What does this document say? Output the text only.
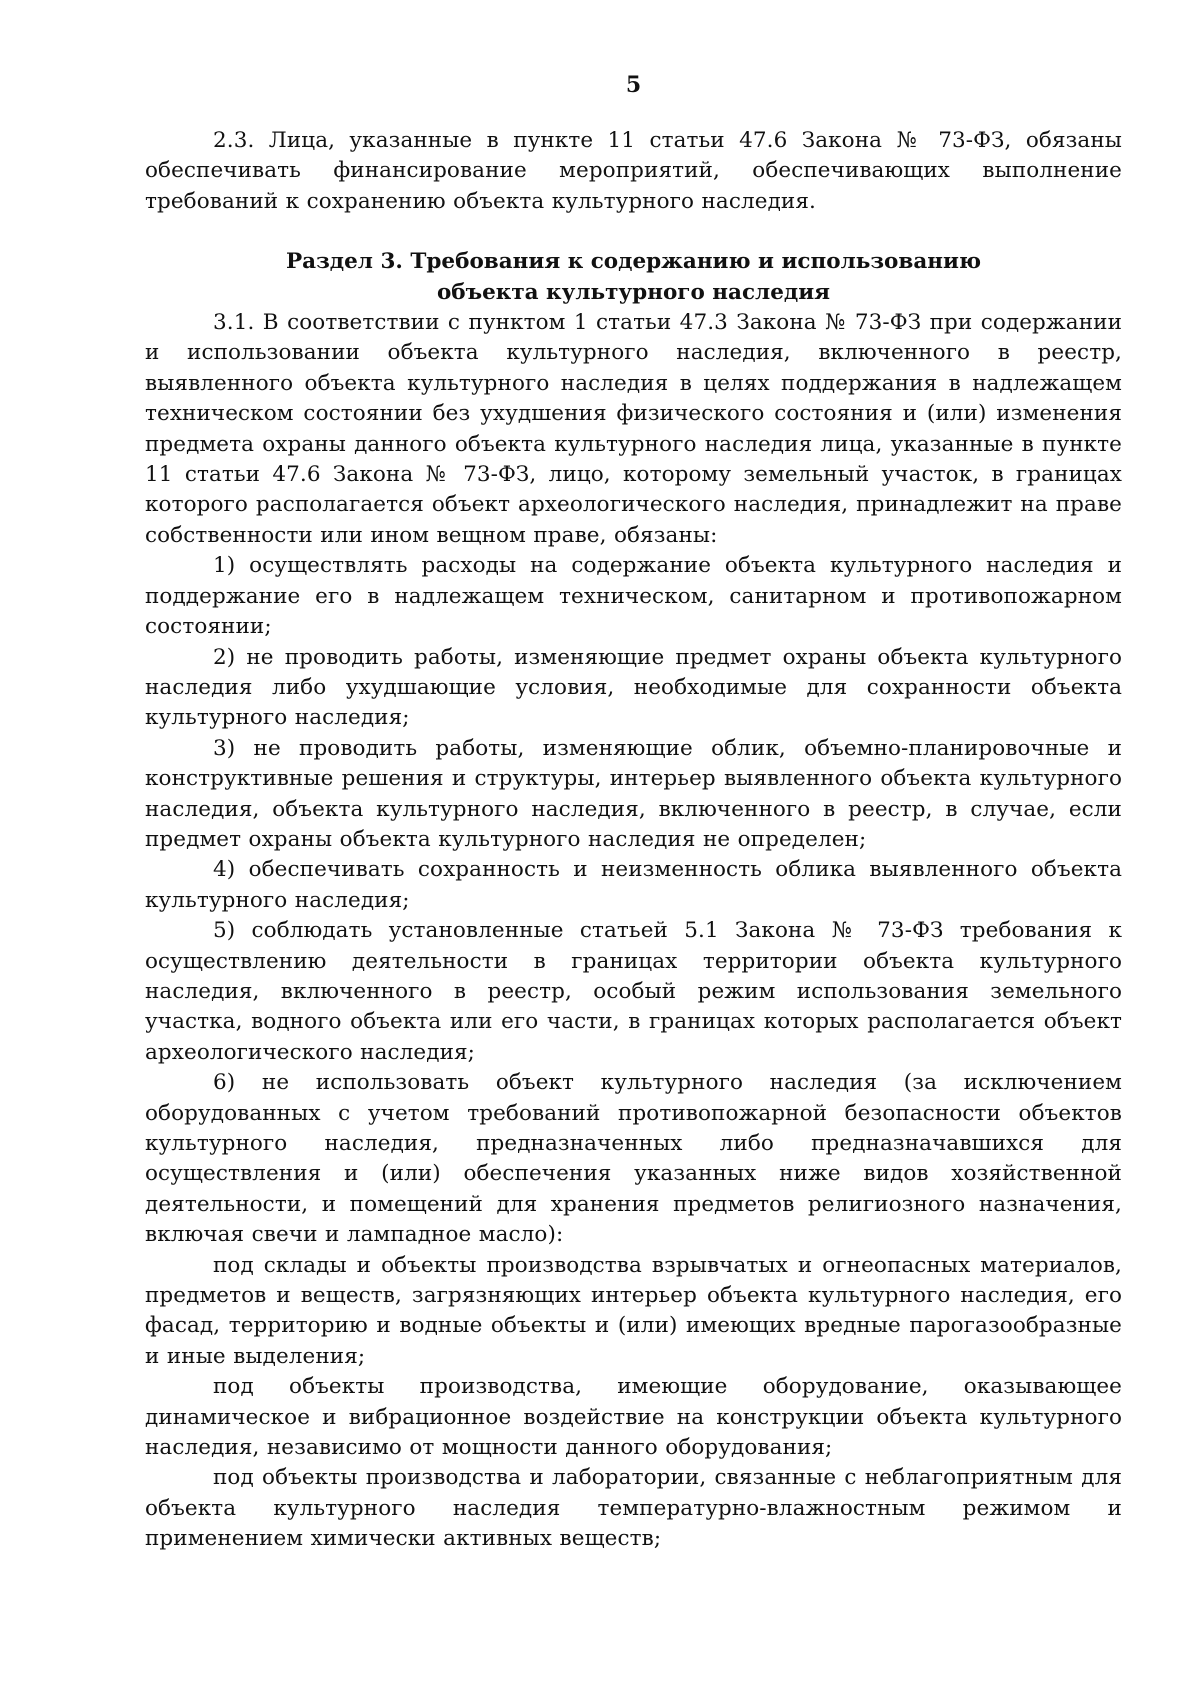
5

2.3. Лица, указанные в пункте 11 статьи 47.6 Закона № 73-ФЗ, обязаны обеспечивать финансирование мероприятий, обеспечивающих выполнение требований к сохранению объекта культурного наследия.

Раздел 3. Требования к содержанию и использованию
объекта культурного наследия

3.1. В соответствии с пунктом 1 статьи 47.3 Закона № 73-ФЗ при содержании и использовании объекта культурного наследия, включенного в реестр, выявленного объекта культурного наследия в целях поддержания в надлежащем техническом состоянии без ухудшения физического состояния и (или) изменения предмета охраны данного объекта культурного наследия лица, указанные в пункте 11 статьи 47.6 Закона № 73-ФЗ, лицо, которому земельный участок, в границах которого располагается объект археологического наследия, принадлежит на праве собственности или ином вещном праве, обязаны:

1) осуществлять расходы на содержание объекта культурного наследия и поддержание его в надлежащем техническом, санитарном и противопожарном состоянии;

2) не проводить работы, изменяющие предмет охраны объекта культурного наследия либо ухудшающие условия, необходимые для сохранности объекта культурного наследия;

3) не проводить работы, изменяющие облик, объемно-планировочные и конструктивные решения и структуры, интерьер выявленного объекта культурного наследия, объекта культурного наследия, включенного в реестр, в случае, если предмет охраны объекта культурного наследия не определен;

4) обеспечивать сохранность и неизменность облика выявленного объекта культурного наследия;

5) соблюдать установленные статьей 5.1 Закона № 73-ФЗ требования к осуществлению деятельности в границах территории объекта культурного наследия, включенного в реестр, особый режим использования земельного участка, водного объекта или его части, в границах которых располагается объект археологического наследия;

6) не использовать объект культурного наследия (за исключением оборудованных с учетом требований противопожарной безопасности объектов культурного наследия, предназначенных либо предназначавшихся для осуществления и (или) обеспечения указанных ниже видов хозяйственной деятельности, и помещений для хранения предметов религиозного назначения, включая свечи и лампадное масло):

под склады и объекты производства взрывчатых и огнеопасных материалов, предметов и веществ, загрязняющих интерьер объекта культурного наследия, его фасад, территорию и водные объекты и (или) имеющих вредные парогазообразные и иные выделения;

под объекты производства, имеющие оборудование, оказывающее динамическое и вибрационное воздействие на конструкции объекта культурного наследия, независимо от мощности данного оборудования;

под объекты производства и лаборатории, связанные с неблагоприятным для объекта культурного наследия температурно-влажностным режимом и применением химически активных веществ;
